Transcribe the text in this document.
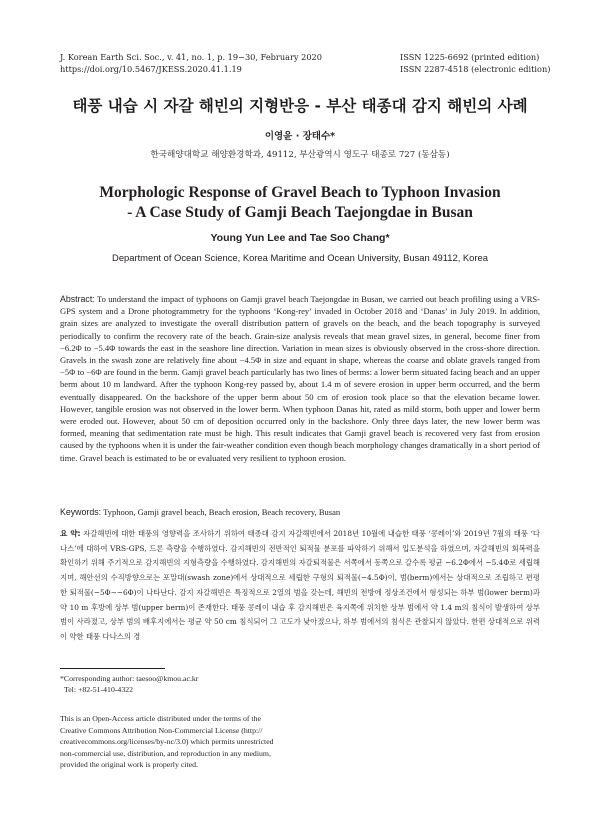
J. Korean Earth Sci. Soc., v. 41, no. 1, p. 19−30, February 2020
https://doi.org/10.5467/JKESS.2020.41.1.19
ISSN 1225-6692 (printed edition)
ISSN 2287-4518 (electronic edition)
태풍 내습 시 자갈 해빈의 지형반응 - 부산 태종대 감지 해빈의 사례
이영윤 · 장태수*
한국해양대학교 해양환경학과, 49112, 부산광역시 영도구 태종로 727 (동삼동)
Morphologic Response of Gravel Beach to Typhoon Invasion
- A Case Study of Gamji Beach Taejongdae in Busan
Young Yun Lee and Tae Soo Chang*
Department of Ocean Science, Korea Maritime and Ocean University, Busan 49112, Korea

Abstract: To understand the impact of typhoons on Gamji gravel beach Taejongdae in Busan, we carried out beach profiling using a VRS-GPS system and a Drone photogrammetry for the typhoons ‘Kong-rey’ invaded in October 2018 and ‘Danas’ in July 2019. In addition, grain sizes are analyzed to investigate the overall distribution pattern of gravels on the beach, and the beach topography is surveyed periodically to confirm the recovery rate of the beach. Grain-size analysis reveals that mean gravel sizes, in general, become finer from −6.2Φ to −5.4Φ towards the east in the seashore line direction. Variation in mean sizes is obviously observed in the cross-shore direction. Gravels in the swash zone are relatively fine about −4.5Φ in size and equant in shape, whereas the coarse and oblate gravels ranged from −5Φ to −6Φ are found in the berm. Gamji gravel beach particularly has two lines of berms: a lower berm situated facing beach and an upper berm about 10 m landward. After the typhoon Kong-rey passed by, about 1.4 m of severe erosion in upper berm occurred, and the berm eventually disappeared. On the backshore of the upper berm about 50 cm of erosion took place so that the elevation became lower. However, tangible erosion was not observed in the lower berm. When typhoon Danas hit, rated as mild storm, both upper and lower berm were eroded out. However, about 50 cm of deposition occurred only in the backshore. Only three days later, the new lower berm was formed, meaning that sedimentation rate must be high. This result indicates that Gamji gravel beach is recovered very fast from erosion caused by the typhoons when it is under the fair-weather condition even though beach morphology changes dramatically in a short period of time. Gravel beach is estimated to be or evaluated very resilient to typhoon erosion.

Keywords: Typhoon, Gamji gravel beach, Beach erosion, Beach recovery, Busan

요 약: 자갈해빈에 대한 태풍의 영향력을 조사하기 위하여 태종대 감지 자갈해빈에서 2018년 10월에 내습한 태풍 ‘콩레이’와 2019년 7월의 태풍 ‘다나스’에 대하여 VRS-GPS, 드론 측량을 수행하였다. 감지해빈의 전반적인 퇴적물 분포를 파악하기 위해서 입도분석을 하였으며, 자갈해빈의 회복력을 확인하기 위해 주기적으로 감지해빈의 지형측량을 수행하였다. 감지해빈의 자갈퇴적물은 서쪽에서 동쪽으로 갈수록 평균 −6.2Φ에서 −5.4Φ로 세립해지며, 해안선의 수직방향으로는 포말대(swash zone)에서 상대적으로 세립한 구형의 퇴적물(−4.5Φ)이, 범(berm)에서는 상대적으로 조립하고 편평한 퇴적물(−5Φ∼−6Φ)이 나타난다. 감지 자갈해빈은 특징적으로 2열의 범을 갖는데, 해빈의 전방에 정상조건에서 형성되는 하부 범(lower berm)과 약 10 m 후방에 상부 범(upper berm)이 존재한다. 태풍 콩레이 내습 후 감지해빈은 육지쪽에 위치한 상부 범에서 약 1.4 m의 침식이 발생하여 상부 범이 사라졌고, 상부 범의 배후지에서는 평균 약 50 cm 침식되어 그 고도가 낮아졌으나, 하부 범에서의 침식은 관찰되지 않았다. 한편 상대적으로 위력이 약한 태풍 다나스의 경

*Corresponding author: taesoo@kmou.ac.kr
Tel: +82-51-410-4322
This is an Open-Access article distributed under the terms of the
Creative Commons Attribution Non-Commercial License (http://
creativecommons.org/licenses/by-nc/3.0) which permits unrestricted
non-commercial use, distribution, and reproduction in any medium,
provided the original work is properly cited.
